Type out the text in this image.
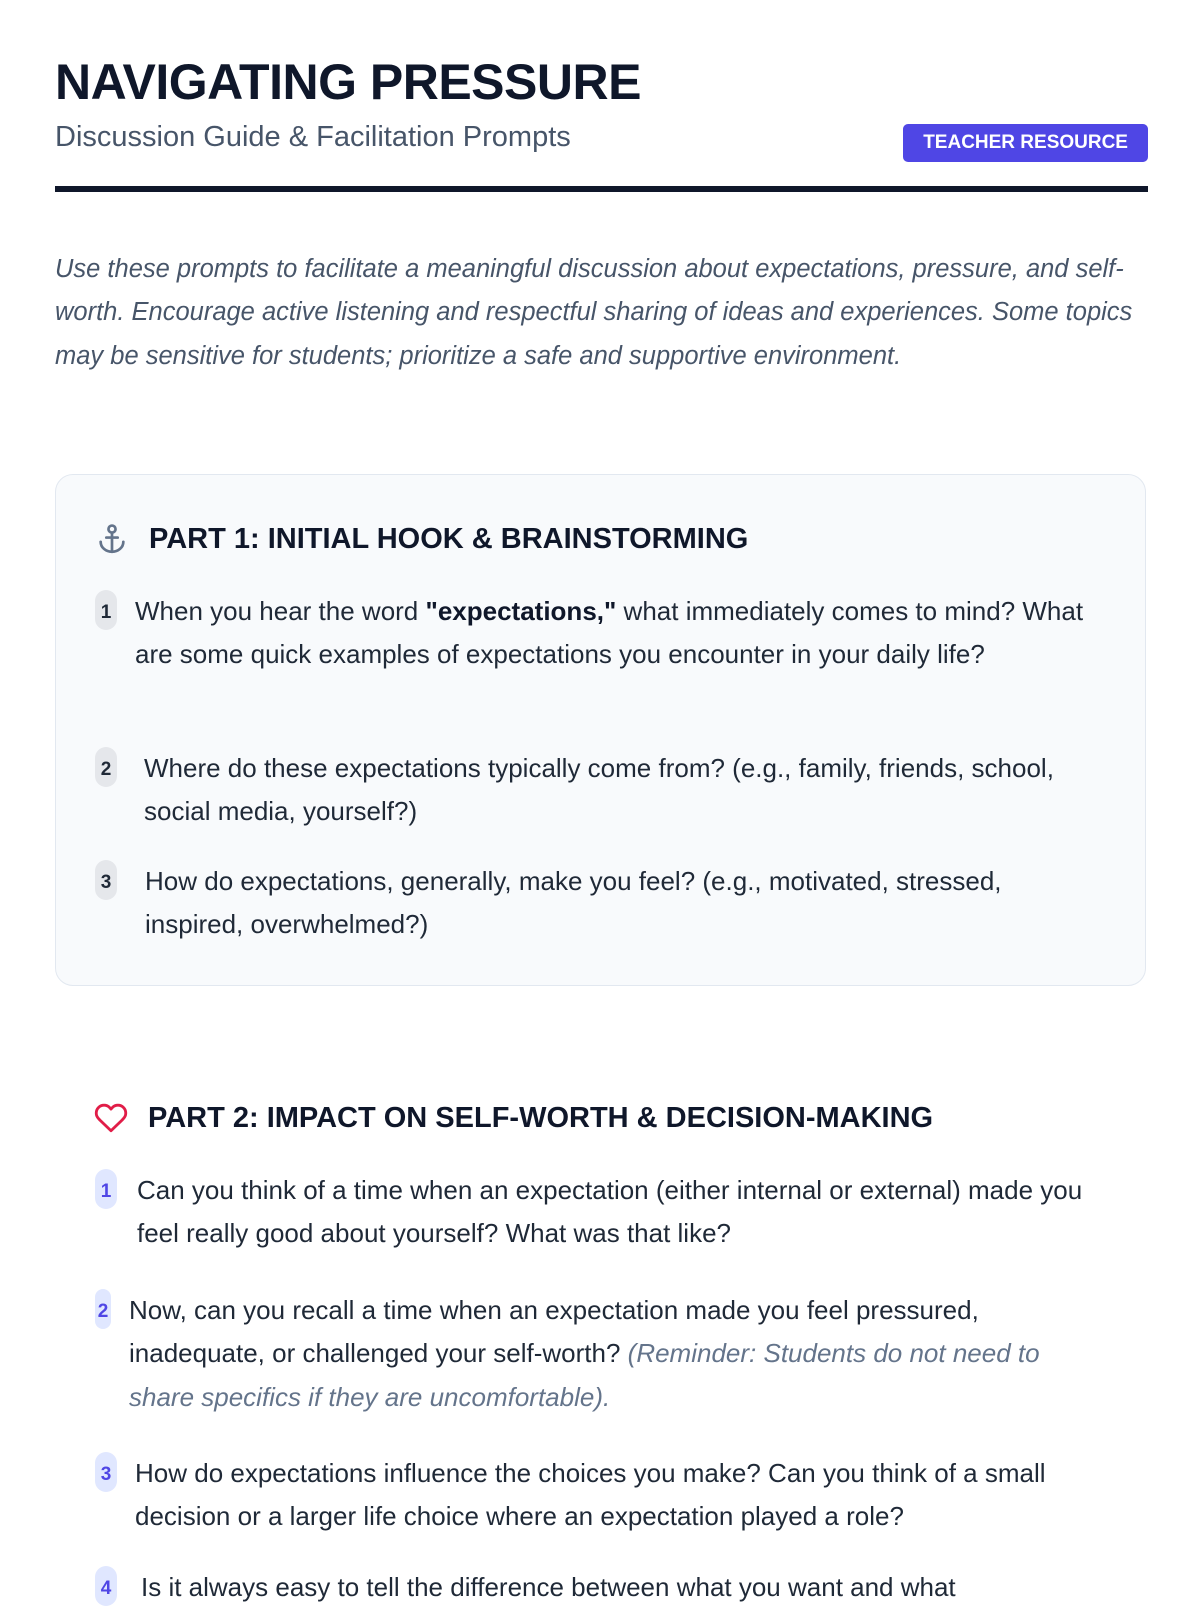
NAVIGATING PRESSURE
Discussion Guide & Facilitation Prompts	TEACHER RESOURCE

Use these prompts to facilitate a meaningful discussion about expectations, pressure, and self-worth. Encourage active listening and respectful sharing of ideas and experiences. Some topics may be sensitive for students; prioritize a safe and supportive environment.

PART 1: INITIAL HOOK & BRAINSTORMING
1 When you hear the word "expectations," what immediately comes to mind? What are some quick examples of expectations you encounter in your daily life?
2 Where do these expectations typically come from? (e.g., family, friends, school, social media, yourself?)
3 How do expectations, generally, make you feel? (e.g., motivated, stressed, inspired, overwhelmed?)
PART 2: IMPACT ON SELF-WORTH & DECISION-MAKING
1 Can you think of a time when an expectation (either internal or external) made you feel really good about yourself? What was that like?
2 Now, can you recall a time when an expectation made you feel pressured, inadequate, or challenged your self-worth? (Reminder: Students do not need to share specifics if they are uncomfortable).
3 How do expectations influence the choices you make? Can you think of a small decision or a larger life choice where an expectation played a role?
4 Is it always easy to tell the difference between what you want and what
